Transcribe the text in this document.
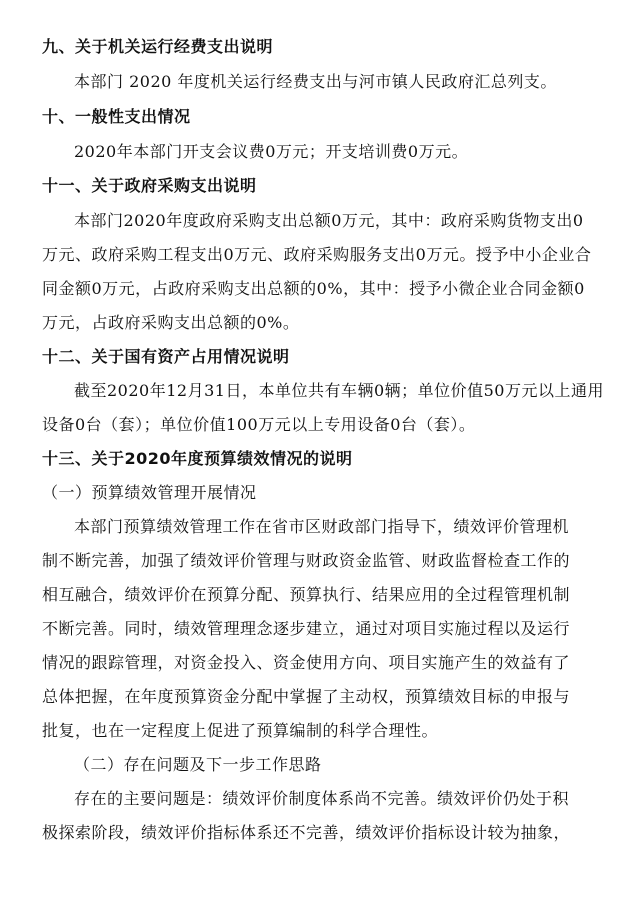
九、关于机关运行经费支出说明
本部门 2020 年度机关运行经费支出与河市镇人民政府汇总列支。
十、一般性支出情况
2020年本部门开支会议费0万元；开支培训费0万元。
十一、关于政府采购支出说明
本部门2020年度政府采购支出总额0万元，其中：政府采购货物支出0
万元、政府采购工程支出0万元、政府采购服务支出0万元。授予中小企业合
同金额0万元，占政府采购支出总额的0%，其中：授予小微企业合同金额0
万元，占政府采购支出总额的0%。
十二、关于国有资产占用情况说明
截至2020年12月31日，本单位共有车辆0辆；单位价值50万元以上通用
设备0台（套）；单位价值100万元以上专用设备0台（套）。
十三、关于2020年度预算绩效情况的说明
（一）预算绩效管理开展情况
本部门预算绩效管理工作在省市区财政部门指导下，绩效评价管理机
制不断完善，加强了绩效评价管理与财政资金监管、财政监督检查工作的
相互融合，绩效评价在预算分配、预算执行、结果应用的全过程管理机制
不断完善。同时，绩效管理理念逐步建立，通过对项目实施过程以及运行
情况的跟踪管理，对资金投入、资金使用方向、项目实施产生的效益有了
总体把握，在年度预算资金分配中掌握了主动权，预算绩效目标的申报与
批复，也在一定程度上促进了预算编制的科学合理性。
（二）存在问题及下一步工作思路
存在的主要问题是：绩效评价制度体系尚不完善。绩效评价仍处于积
极探索阶段，绩效评价指标体系还不完善，绩效评价指标设计较为抽象，
